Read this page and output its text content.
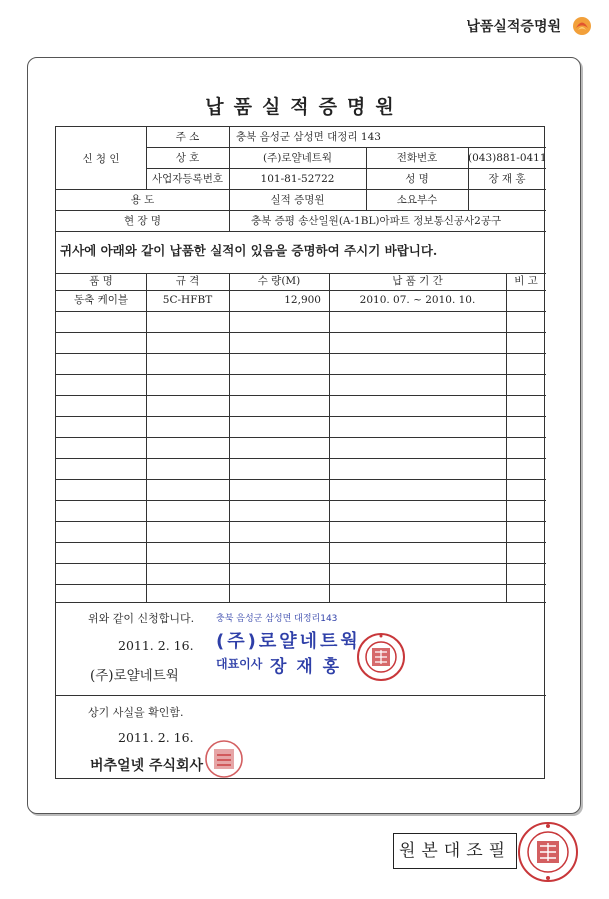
납품실적증명원
납품실적증명원
신 청 인
주 소	충북 음성군 삼성면 대정리 143
상 호	(주)로얄네트웍	전화번호	(043)881-0411
사업자등록번호	101-81-52722	성 명	장 재 홍
용 도	실적 증명원	소요부수
현 장 명	충북 증평 송산일원(A-1BL)아파트 정보통신공사2공구
귀사에 아래와 같이 납품한 실적이 있음을 증명하여 주시기 바랍니다.
품 명	규 격	수 량(M)	납 품 기 간	비 고
동축 케이블	5C-HFBT	12,900	2010. 07. ~ 2010. 10.
위와 같이 신청합니다.
2011. 2. 16.
(주)로얄네트웍
충북 음성군 삼성면 대정리143
(주)로얄네트웍
대표이사 장 재 홍
상기 사실을 확인함.
2011. 2. 16.
버추얼넷 주식회사
원본대조필
